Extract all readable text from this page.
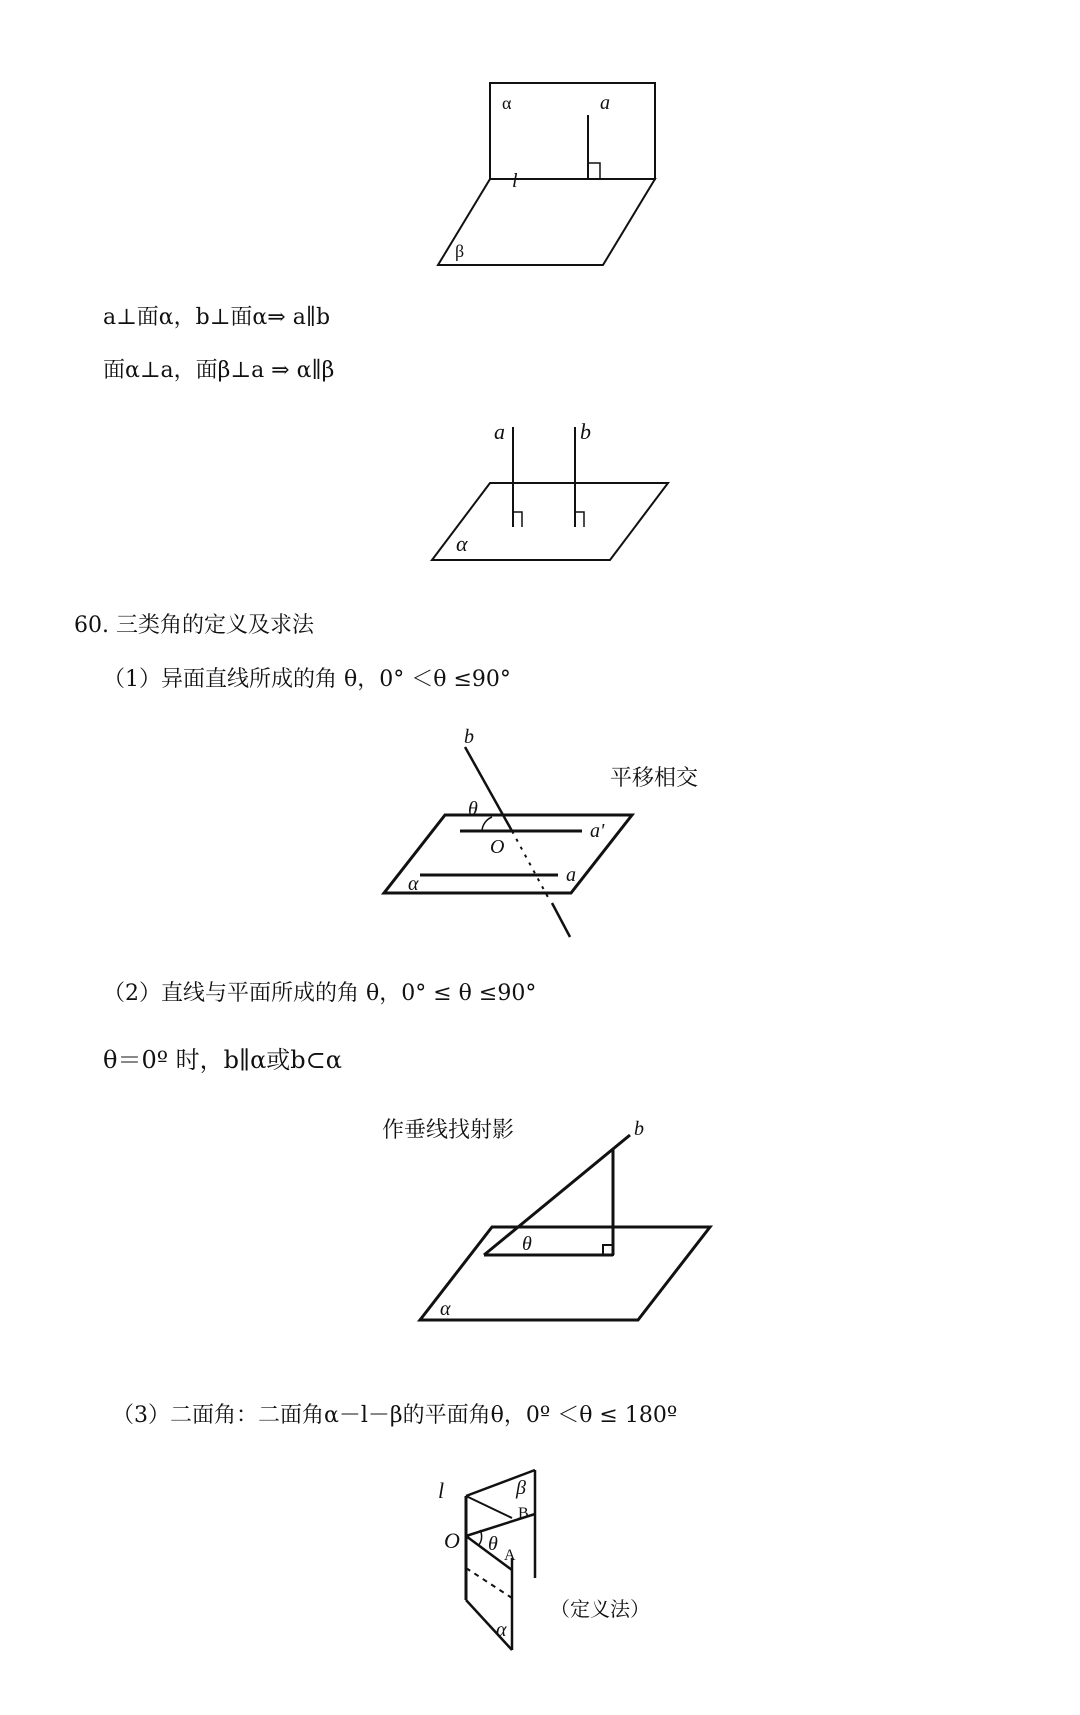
α	a
l
β
a⊥面α，b⊥面α⇒ a∥b
面α⊥a，面β⊥a ⇒ α∥β
a	b
α
60. 三类角的定义及求法
（1）异面直线所成的角 θ，0° ＜θ ≤90°
b
θ
O
a'
a
α
平移相交
（2）直线与平面所成的角 θ，0° ≤ θ ≤90°
θ＝0º 时，b∥α或b⊂α
作垂线找射影	b
θ
α
（3）二面角：二面角α－l－β的平面角θ，0º ＜θ ≤ 180º
l	β
B
O θ
A
α
（定义法）
